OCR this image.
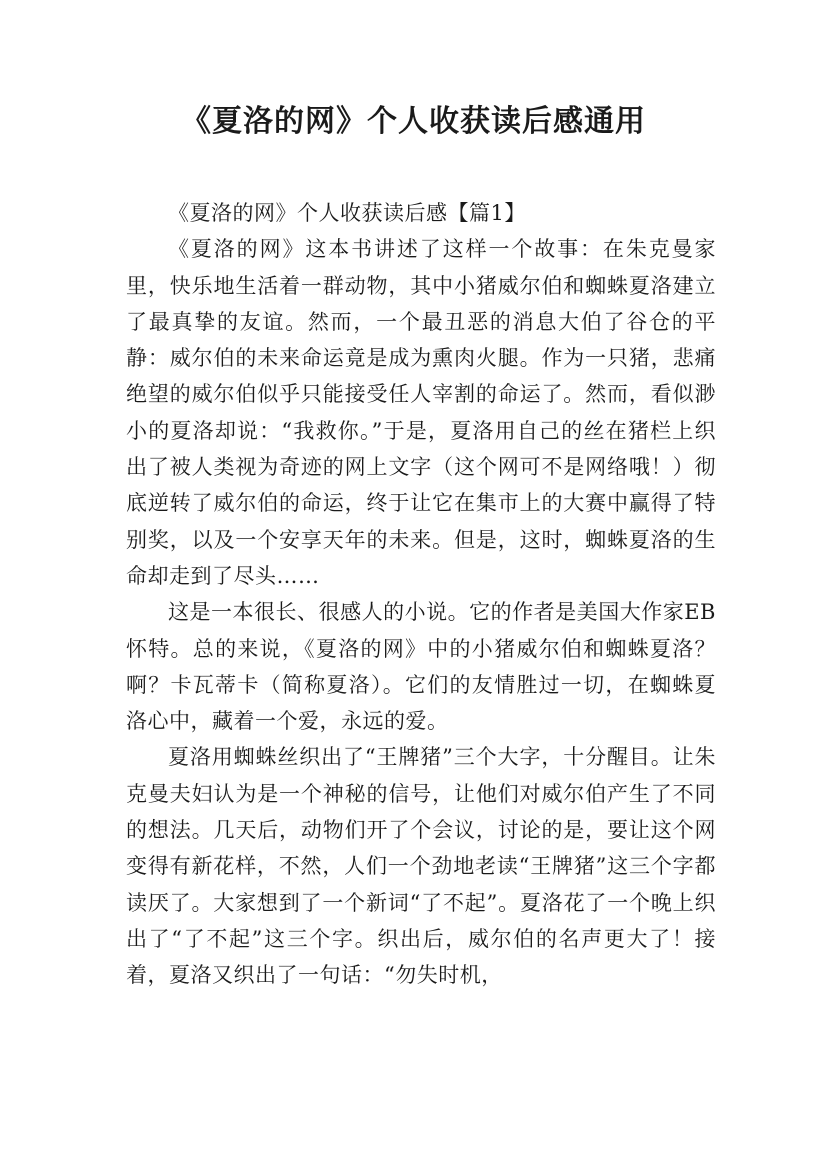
《夏洛的网》个人收获读后感通用

《夏洛的网》个人收获读后感【篇1】

《夏洛的网》这本书讲述了这样一个故事：在朱克曼家里，快乐地生活着一群动物，其中小猪威尔伯和蜘蛛夏洛建立了最真挚的友谊。然而，一个最丑恶的消息大伯了谷仓的平静：威尔伯的未来命运竟是成为熏肉火腿。作为一只猪，悲痛绝望的威尔伯似乎只能接受任人宰割的命运了。然而，看似渺小的夏洛却说：“我救你。”于是，夏洛用自己的丝在猪栏上织出了被人类视为奇迹的网上文字（这个网可不是网络哦！）彻底逆转了威尔伯的命运，终于让它在集市上的大赛中赢得了特别奖，以及一个安享天年的未来。但是，这时，蜘蛛夏洛的生命却走到了尽头……

这是一本很长、很感人的小说。它的作者是美国大作家EB怀特。总的来说，《夏洛的网》中的小猪威尔伯和蜘蛛夏洛？啊？卡瓦蒂卡（简称夏洛）。它们的友情胜过一切，在蜘蛛夏洛心中，藏着一个爱，永远的爱。

夏洛用蜘蛛丝织出了“王牌猪”三个大字，十分醒目。让朱克曼夫妇认为是一个神秘的信号，让他们对威尔伯产生了不同的想法。几天后，动物们开了个会议，讨论的是，要让这个网变得有新花样，不然，人们一个劲地老读“王牌猪”这三个字都读厌了。大家想到了一个新词“了不起”。夏洛花了一个晚上织出了“了不起”这三个字。织出后，威尔伯的名声更大了！接着，夏洛又织出了一句话：“勿失时机，
